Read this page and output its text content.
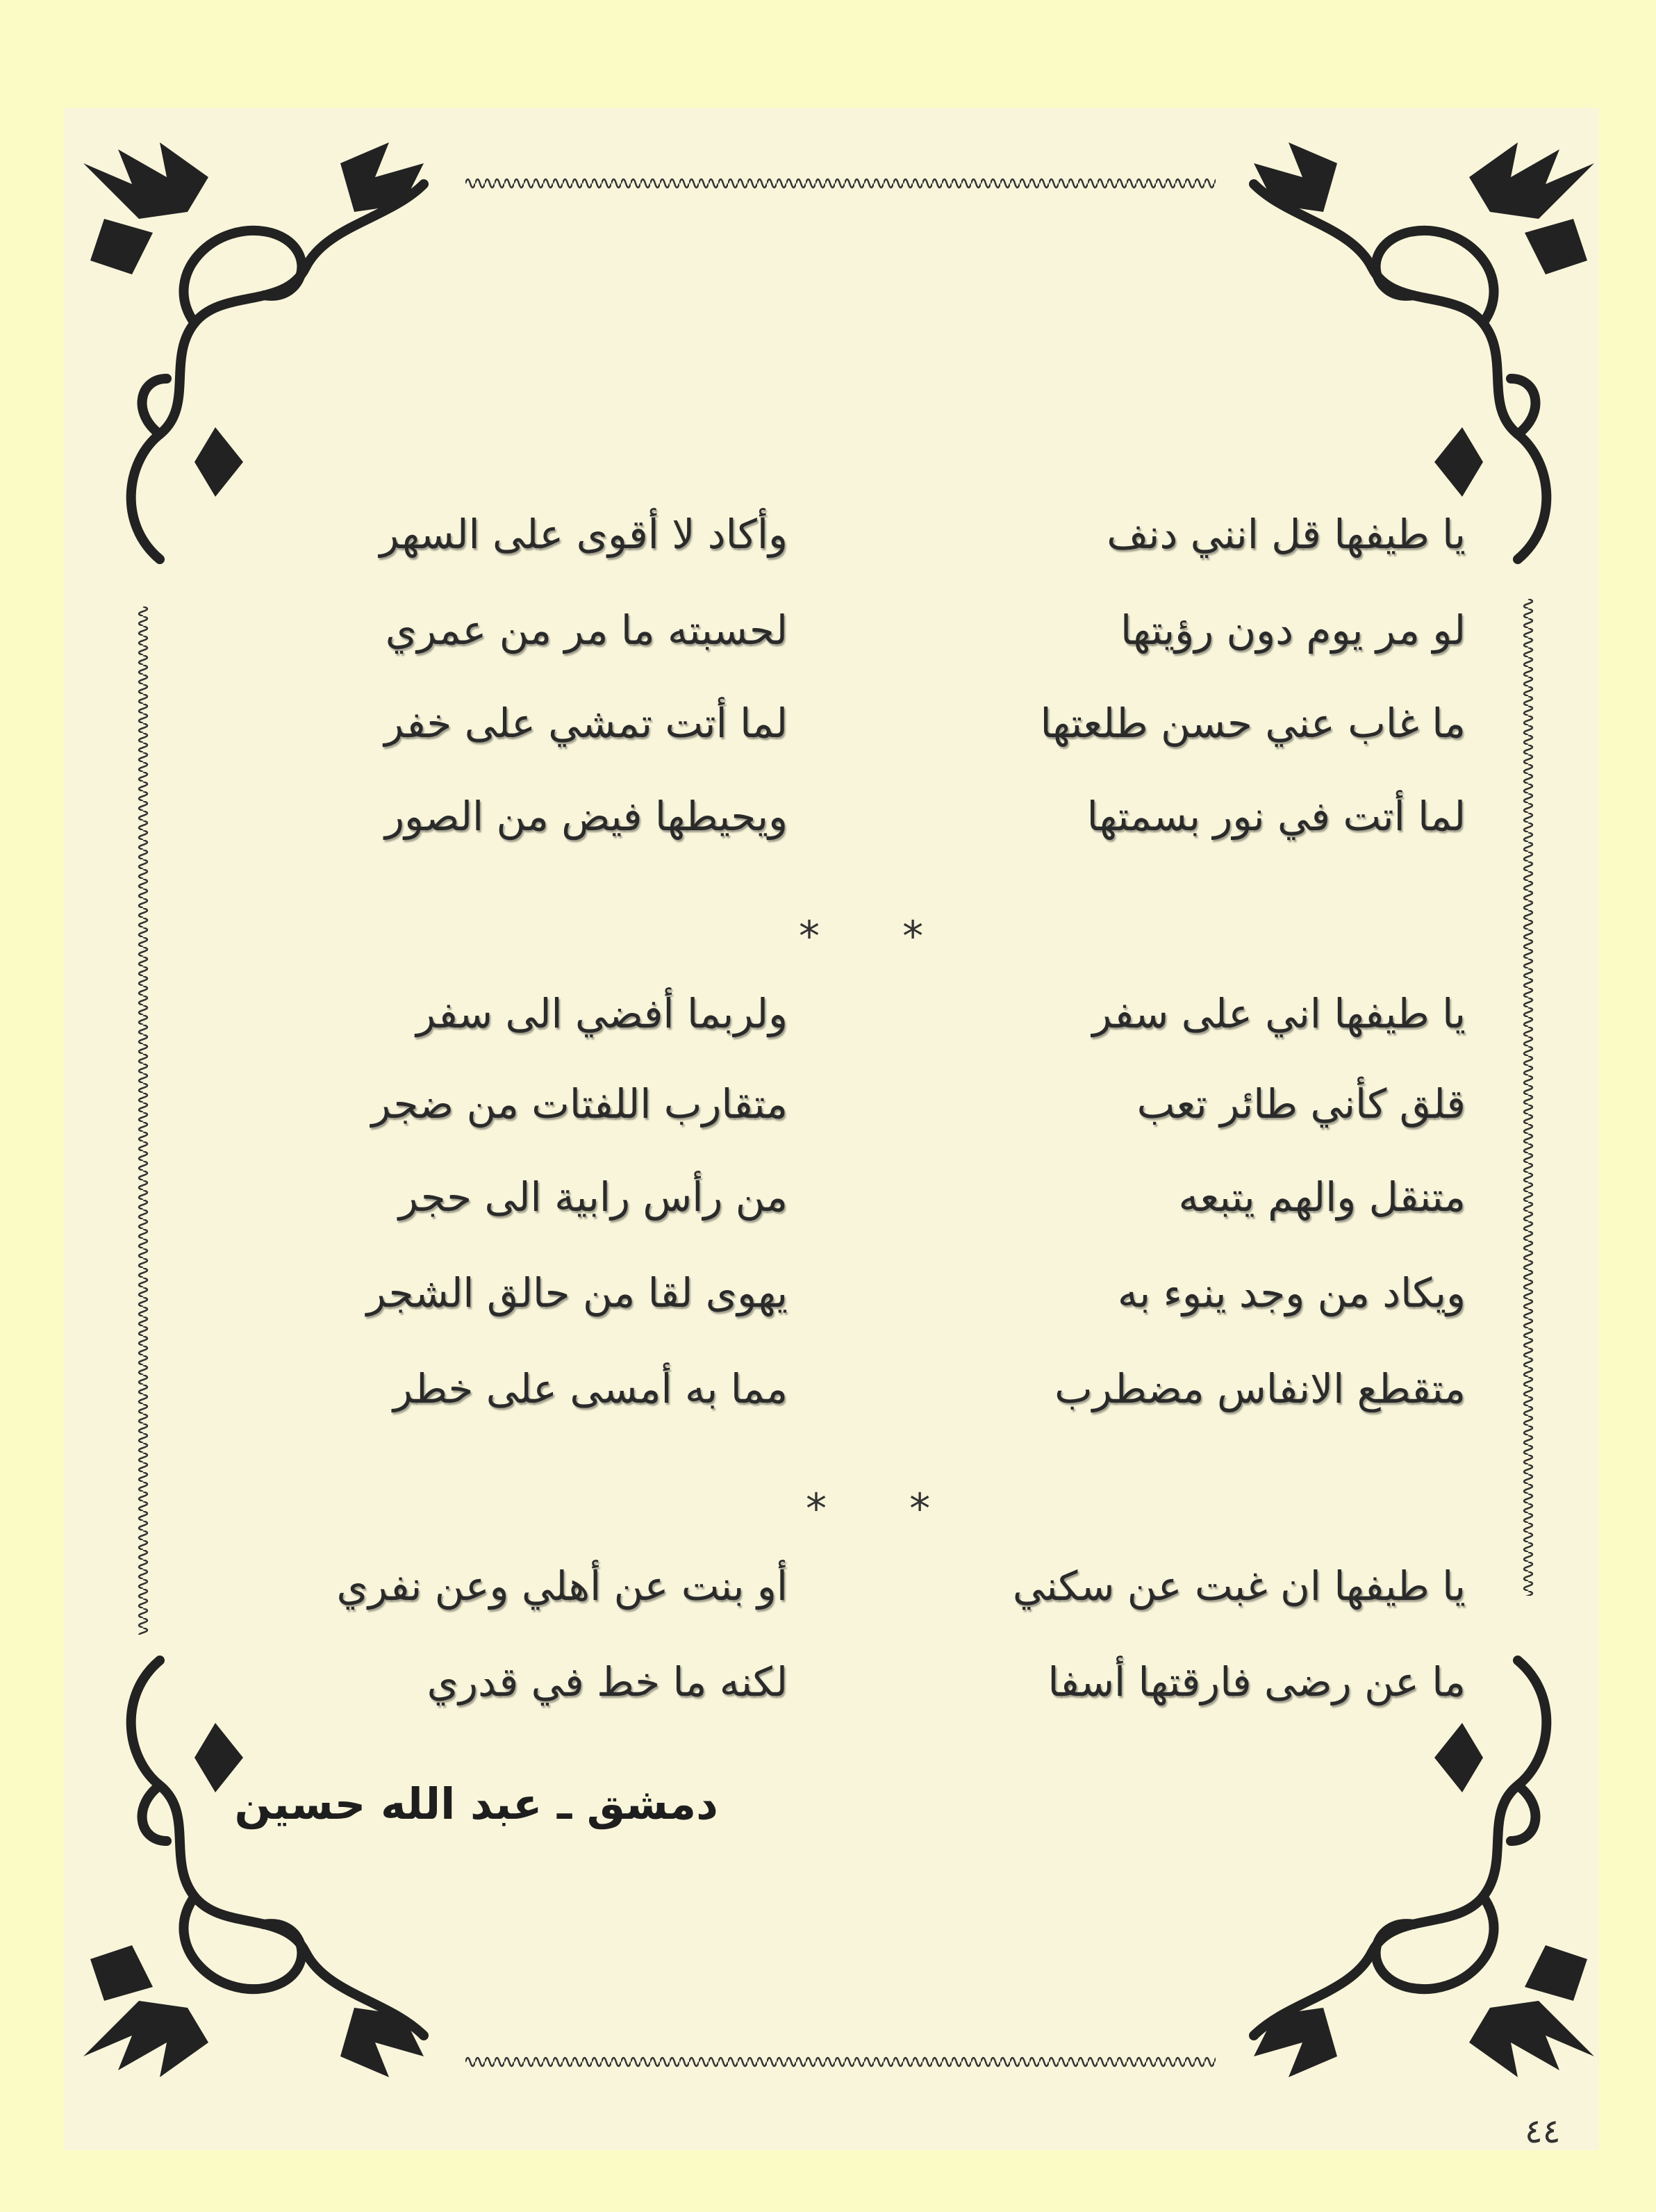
يا طيفها قل انني دنف
وأكاد لا أقوى على السهر
لو مر يوم دون رؤيتها
لحسبته ما مر من عمري
ما غاب عني حسن طلعتها
لما أتت تمشي على خفر
لما أتت في نور بسمتها
ويحيطها فيض من الصور
* *
يا طيفها اني على سفر
ولربما أفضي الى سفر
قلق كأني طائر تعب
متقارب اللفتات من ضجر
متنقل والهم يتبعه
من رأس رابية الى حجر
ويكاد من وجد ينوء به
يهوى لقا من حالق الشجر
متقطع الانفاس مضطرب
مما به أمسى على خطر
* *
يا طيفها ان غبت عن سكني
أو بنت عن أهلي وعن نفري
ما عن رضى فارقتها أسفا
لكنه ما خط في قدري
دمشق ـ عبد الله حسين
٤٤
